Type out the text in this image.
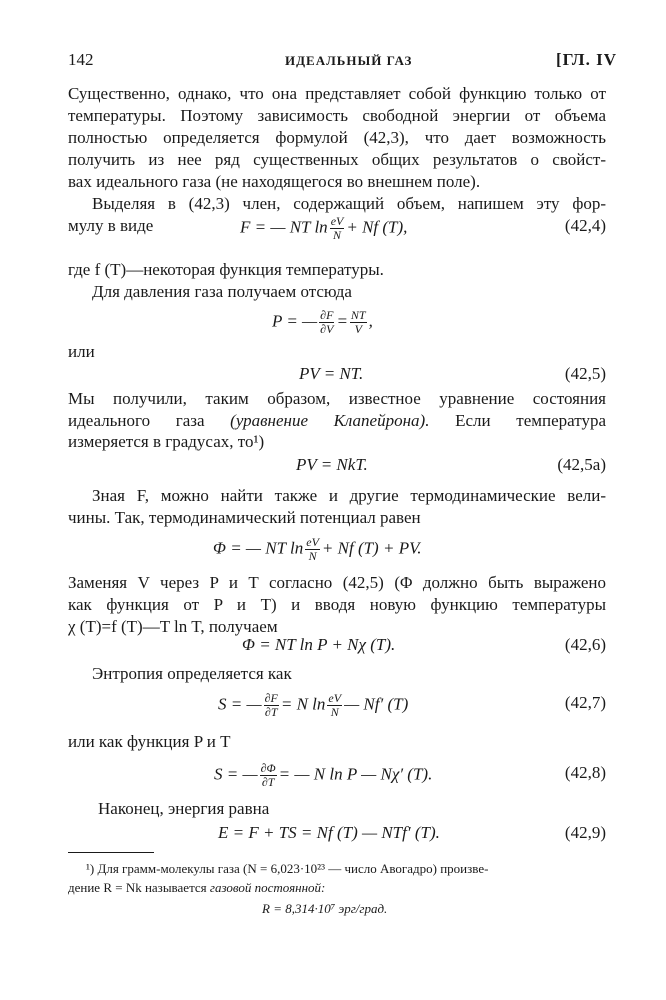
142	ИДЕАЛЬНЫЙ ГАЗ	[ГЛ. IV
Существенно, однако, что она представляет собой функцию только от
температуры. Поэтому зависимость свободной энергии от объема
полностью определяется формулой (42,3), что дает возможность
получить из нее ряд существенных общих результатов о свойст-
вах идеального газа (не находящегося во внешнем поле).
Выделяя в (42,3) член, содержащий объем, напишем эту фор-
мулу в виде	F = — NT $\ln \frac{eV}{N} + Nf$ (T),	(42,4)
где f (T)—некоторая функция температуры.
Для давления газа получаем отсюда
P = — $\frac{\partial F}{\partial V} = \frac{NT}{V}$ ,
или
PV = NT.	(42,5)
Мы получили, таким образом, известное уравнение состояния
идеального газа (уравнение Клапейрона). Если температура
измеряется в градусах, то¹)
PV = NkT.	(42,5а)
Зная F, можно найти также и другие термодинамические вели-
чины. Так, термодинамический потенциал равен
Φ = — NT $\ln \frac{eV}{N} + Nf$ (T) + PV.
Заменяя V через P и T согласно (42,5) (Φ должно быть выражено
как функция от P и T) и вводя новую функцию температуры
χ (T)=f (T)—T ln T, получаем
Φ = NT ln P + Nχ (T).	(42,6)
Энтропия определяется как
S = — $\frac{\partial F}{\partial T} = N$ $\ln \frac{eV}{N}$ — Nf′ (T)	(42,7)
или как функция P и T
S = — $\frac{\partial\Phi}{\partial T}$ = — N ln P — Nχ′ (T).	(42,8)
Наконец, энергия равна
E = F + TS = Nf (T) — NTf′ (T).	(42,9)
¹) Для грамм-молекулы газа (N = 6,023·10²³ — число Авогадро) произве-
дение R = Nk называется газовой постоянной:
R = 8,314·10⁷ эрг/град.
